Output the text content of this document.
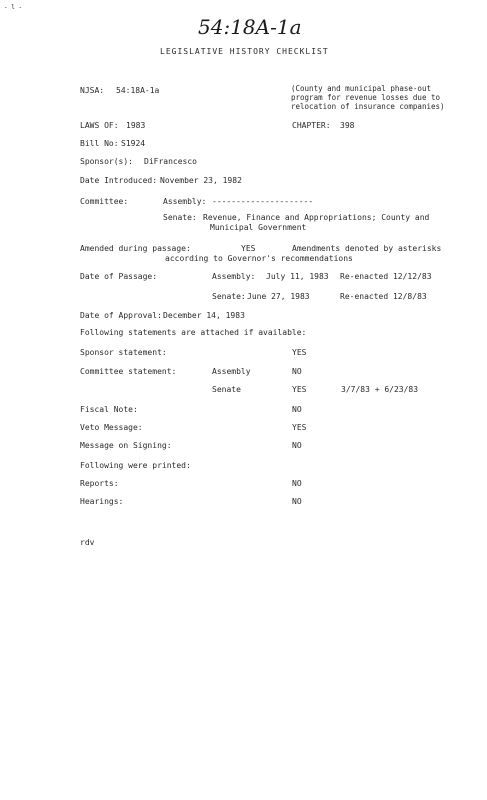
- l -
54:18A-1a
LEGISLATIVE HISTORY CHECKLIST
NJSA: 54:18A-1a	(County and municipal phase-out
program for revenue losses due to
relocation of insurance companies)
LAWS OF: 1983	CHAPTER: 398
Bill No: S1924
Sponsor(s): DiFrancesco
Date Introduced: November 23, 1982
Committee:	Assembly: ---------------------
Senate: Revenue, Finance and Appropriations; County and
Municipal Government
Amended during passage:	YES	Amendments denoted by asterisks
according to Governor's recommendations
Date of Passage:	Assembly: July 11, 1983 Re-enacted 12/12/83
Senate: June 27, 1983	Re-enacted 12/8/83
Date of Approval: December 14, 1983
Following statements are attached if available:
Sponsor statement:	YES
Committee statement:	Assembly	NO
Senate	YES	3/7/83 + 6/23/83
Fiscal Note:	NO
Veto Message:	YES
Message on Signing:	NO
Following were printed:
Reports:	NO
Hearings:	NO
rdv
